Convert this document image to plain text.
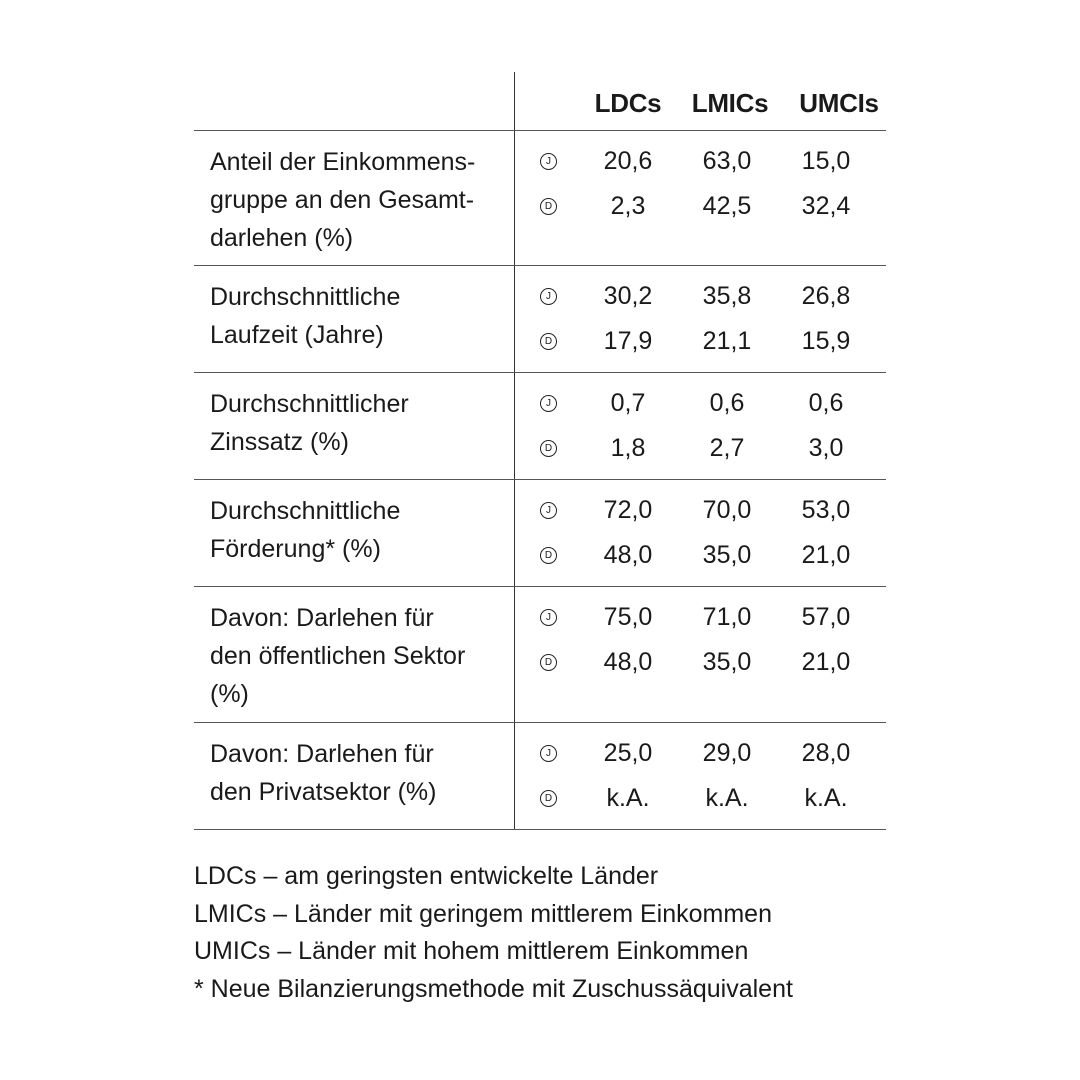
LDCs LMICs UMCIs
Anteil der Einkommens-
gruppe an den Gesamt-
darlehen (%)
J 20,6 63,0 15,0
D 2,3 42,5 32,4
Durchschnittliche
Laufzeit (Jahre)
J 30,2 35,8 26,8
D 17,9 21,1 15,9
Durchschnittlicher
Zinssatz (%)
J 0,7	0,6	0,6
D 1,8	2,7	3,0
Durchschnittliche
Förderung* (%)
J 72,0 70,0 53,0
D 48,0 35,0 21,0
Davon: Darlehen für
den öffentlichen Sektor
(%)
J 75,0 71,0 57,0
D 48,0 35,0 21,0
Davon: Darlehen für
den Privatsektor (%)
J 25,0 29,0 28,0
D k.A. k.A. k.A.
LDCs – am geringsten entwickelte Länder
LMICs – Länder mit geringem mittlerem Einkommen
UMICs – Länder mit hohem mittlerem Einkommen
* Neue Bilanzierungsmethode mit Zuschussäquivalent
